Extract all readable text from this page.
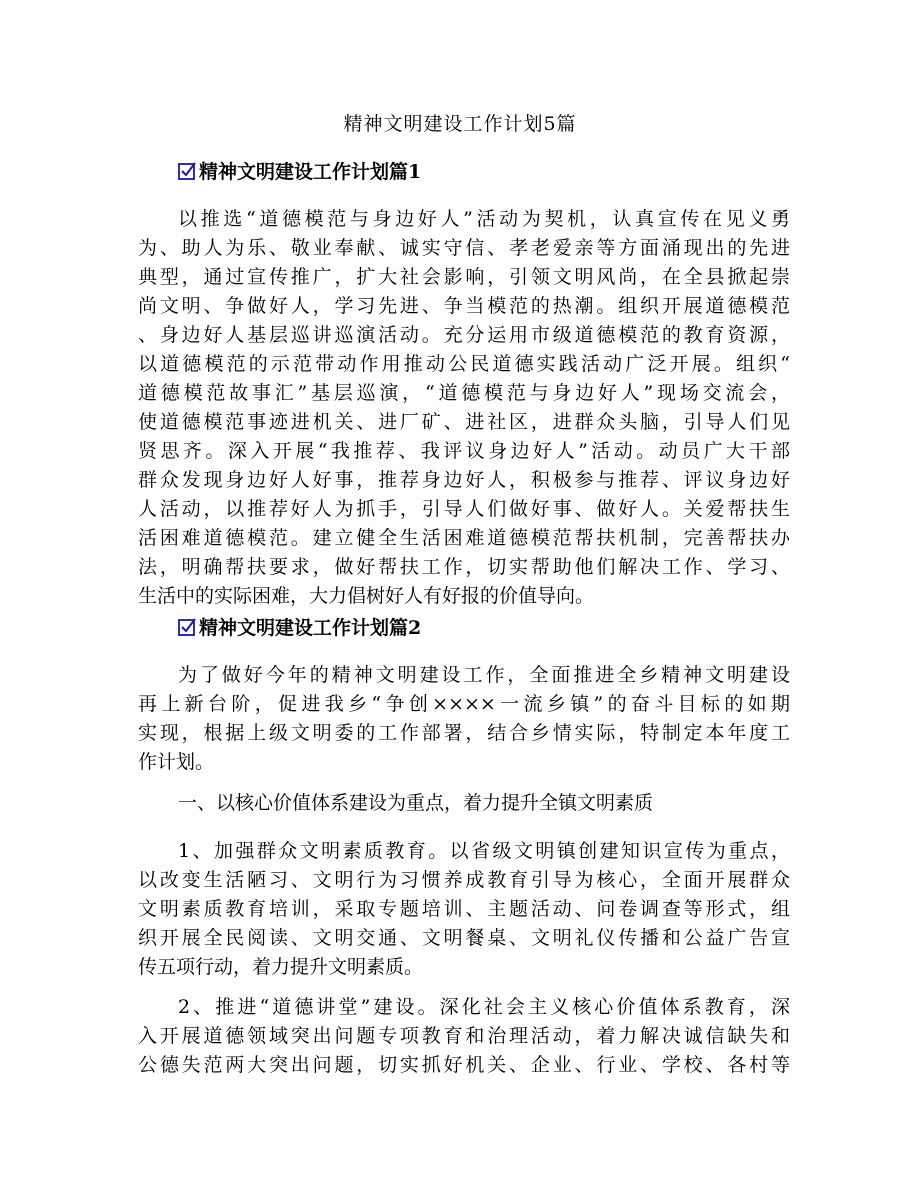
精神文明建设工作计划5篇
精神文明建设工作计划篇1
以推选“道德模范与身边好人”活动为契机，认真宣传在见义勇
为、助人为乐、敬业奉献、诚实守信、孝老爱亲等方面涌现出的先进
典型，通过宣传推广，扩大社会影响，引领文明风尚，在全县掀起崇
尚文明、争做好人，学习先进、争当模范的热潮。组织开展道德模范
、身边好人基层巡讲巡演活动。充分运用市级道德模范的教育资源，
以道德模范的示范带动作用推动公民道德实践活动广泛开展。组织“
道德模范故事汇”基层巡演，“道德模范与身边好人”现场交流会，
使道德模范事迹进机关、进厂矿、进社区，进群众头脑，引导人们见
贤思齐。深入开展“我推荐、我评议身边好人”活动。动员广大干部
群众发现身边好人好事，推荐身边好人，积极参与推荐、评议身边好
人活动，以推荐好人为抓手，引导人们做好事、做好人。关爱帮扶生
活困难道德模范。建立健全生活困难道德模范帮扶机制，完善帮扶办
法，明确帮扶要求，做好帮扶工作，切实帮助他们解决工作、学习、
生活中的实际困难，大力倡树好人有好报的价值导向。
精神文明建设工作计划篇2
为了做好今年的精神文明建设工作，全面推进全乡精神文明建设
再上新台阶，促进我乡“争创××××一流乡镇”的奋斗目标的如期
实现，根据上级文明委的工作部署，结合乡情实际，特制定本年度工
作计划。
一、以核心价值体系建设为重点，着力提升全镇文明素质
1、加强群众文明素质教育。以省级文明镇创建知识宣传为重点，
以改变生活陋习、文明行为习惯养成教育引导为核心，全面开展群众
文明素质教育培训，采取专题培训、主题活动、问卷调查等形式，组
织开展全民阅读、文明交通、文明餐桌、文明礼仪传播和公益广告宣
传五项行动，着力提升文明素质。
2、推进“道德讲堂”建设。深化社会主义核心价值体系教育，深
入开展道德领域突出问题专项教育和治理活动，着力解决诚信缺失和
公德失范两大突出问题，切实抓好机关、企业、行业、学校、各村等
